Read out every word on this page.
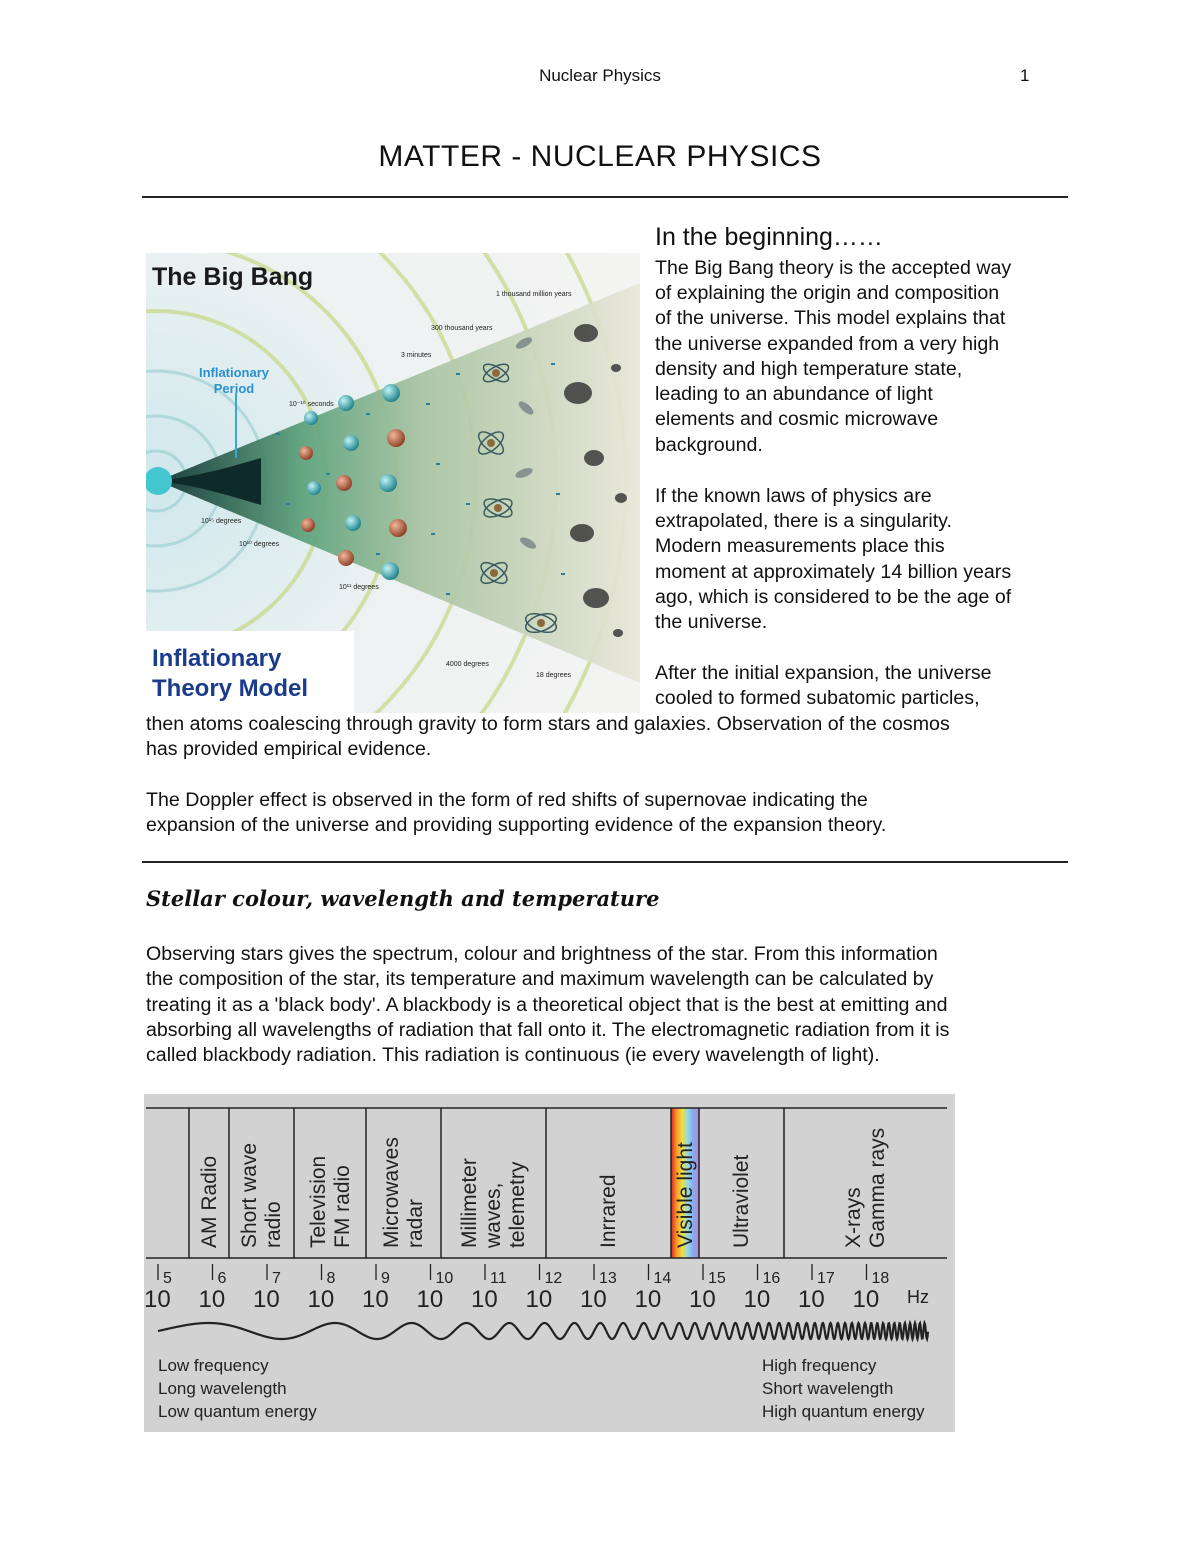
Nuclear Physics	1
MATTER - NUCLEAR PHYSICS
1 thousand million years
300 thousand years
3 minutes
10⁻¹⁰ seconds
10¹⁵ degrees
10¹⁰ degrees
10¹¹ degrees
4000 degrees
18 degrees
The Big Bang
Inflationary
Period
Inflationary
Theory Model
In the beginning……
The Big Bang theory is the accepted way
of explaining the origin and composition
of the universe. This model explains that
the universe expanded from a very high
density and high temperature state,
leading to an abundance of light
elements and cosmic microwave
background.
If the known laws of physics are
extrapolated, there is a singularity.
Modern measurements place this
moment at approximately 14 billion years
ago, which is considered to be the age of
the universe.
After the initial expansion, the universe
cooled to formed subatomic particles,
then atoms coalescing through gravity to form stars and galaxies. Observation of the cosmos
has provided empirical evidence.
The Doppler effect is observed in the form of red shifts of supernovae indicating the
expansion of the universe and providing supporting evidence of the expansion theory.
Stellar colour, wavelength and temperature
Observing stars gives the spectrum, colour and brightness of the star. From this information
the composition of the star, its temperature and maximum wavelength can be calculated by
treating it as a 'black body'. A blackbody is a theoretical object that is the best at emitting and
absorbing all wavelengths of radiation that fall onto it. The electromagnetic radiation from it is
called blackbody radiation. This radiation is continuous (ie every wavelength of light).
AM Radio Short wave radio Television FM radio Microwaves radar Millimeter waves, telemetry	Inrrared	Visible light Ultraviolet	X-rays Gamma rays
10
5
10
6
10
7
10
8
10
9
10
10
10
11
10
12
10
13
10
14
10
15
10
16
10
17
10
18
Hz
Low frequency
Long wavelength
Low quantum energy
High frequency
Short wavelength
High quantum energy
